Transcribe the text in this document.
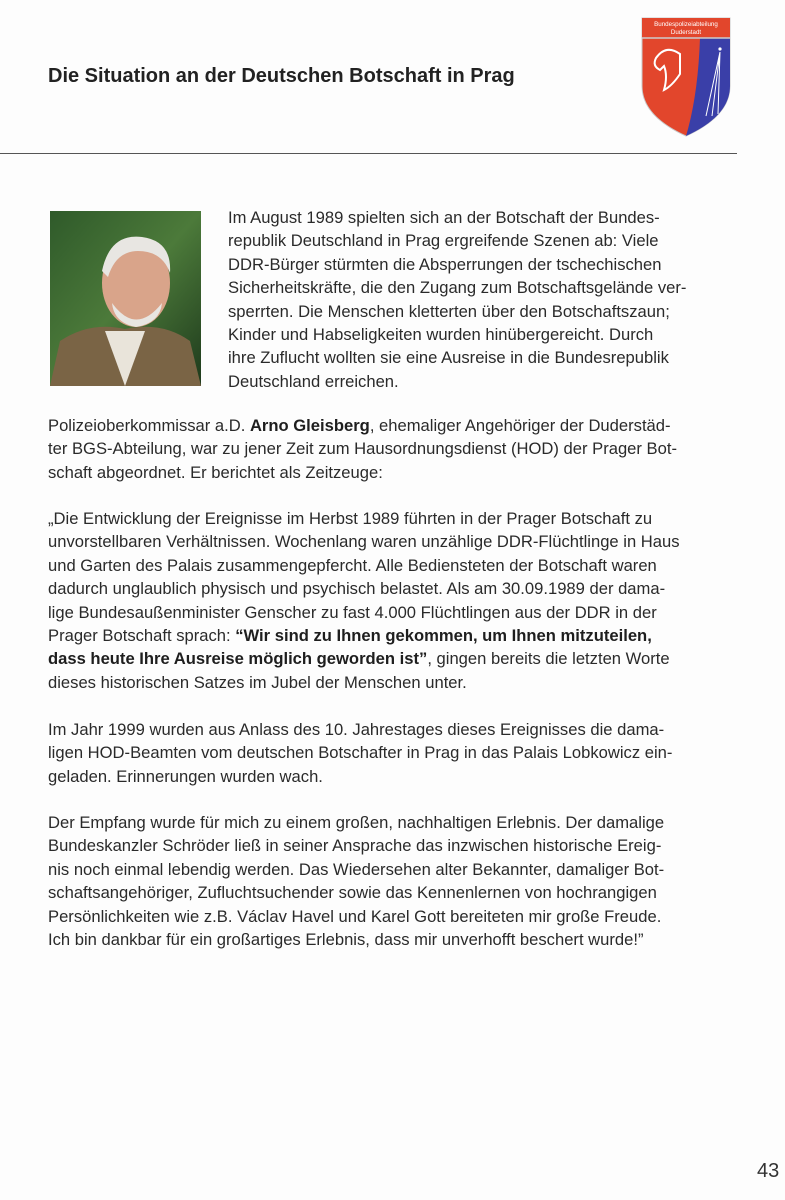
Die Situation an der Deutschen Botschaft in Prag
Bundespolizeiabteilung
Duderstadt
Im August 1989 spielten sich an der Botschaft der Bundes-
republik Deutschland in Prag ergreifende Szenen ab: Viele
DDR-Bürger stürmten die Absperrungen der tschechischen
Sicherheitskräfte, die den Zugang zum Botschaftsgelände ver-
sperrten. Die Menschen kletterten über den Botschaftszaun;
Kinder und Habseligkeiten wurden hinübergereicht. Durch
ihre Zuflucht wollten sie eine Ausreise in die Bundesrepublik
Deutschland erreichen.
Polizeioberkommissar a.D. Arno Gleisberg, ehemaliger Angehöriger der Duderstäd-
ter BGS-Abteilung, war zu jener Zeit zum Hausordnungsdienst (HOD) der Prager Bot-
schaft abgeordnet. Er berichtet als Zeitzeuge:
„Die Entwicklung der Ereignisse im Herbst 1989 führten in der Prager Botschaft zu
unvorstellbaren Verhältnissen. Wochenlang waren unzählige DDR-Flüchtlinge in Haus
und Garten des Palais zusammengepfercht. Alle Bediensteten der Botschaft waren
dadurch unglaublich physisch und psychisch belastet. Als am 30.09.1989 der dama-
lige Bundesaußenminister Genscher zu fast 4.000 Flüchtlingen aus der DDR in der
Prager Botschaft sprach: “Wir sind zu Ihnen gekommen, um Ihnen mitzuteilen,
dass heute Ihre Ausreise möglich geworden ist”, gingen bereits die letzten Worte
dieses historischen Satzes im Jubel der Menschen unter.
Im Jahr 1999 wurden aus Anlass des 10. Jahrestages dieses Ereignisses die dama-
ligen HOD-Beamten vom deutschen Botschafter in Prag in das Palais Lobkowicz ein-
geladen. Erinnerungen wurden wach.
Der Empfang wurde für mich zu einem großen, nachhaltigen Erlebnis. Der damalige
Bundeskanzler Schröder ließ in seiner Ansprache das inzwischen historische Ereig-
nis noch einmal lebendig werden. Das Wiedersehen alter Bekannter, damaliger Bot-
schaftsangehöriger, Zufluchtsuchender sowie das Kennenlernen von hochrangigen
Persönlichkeiten wie z.B. Václav Havel und Karel Gott bereiteten mir große Freude.
Ich bin dankbar für ein großartiges Erlebnis, dass mir unverhofft beschert wurde!”
43
